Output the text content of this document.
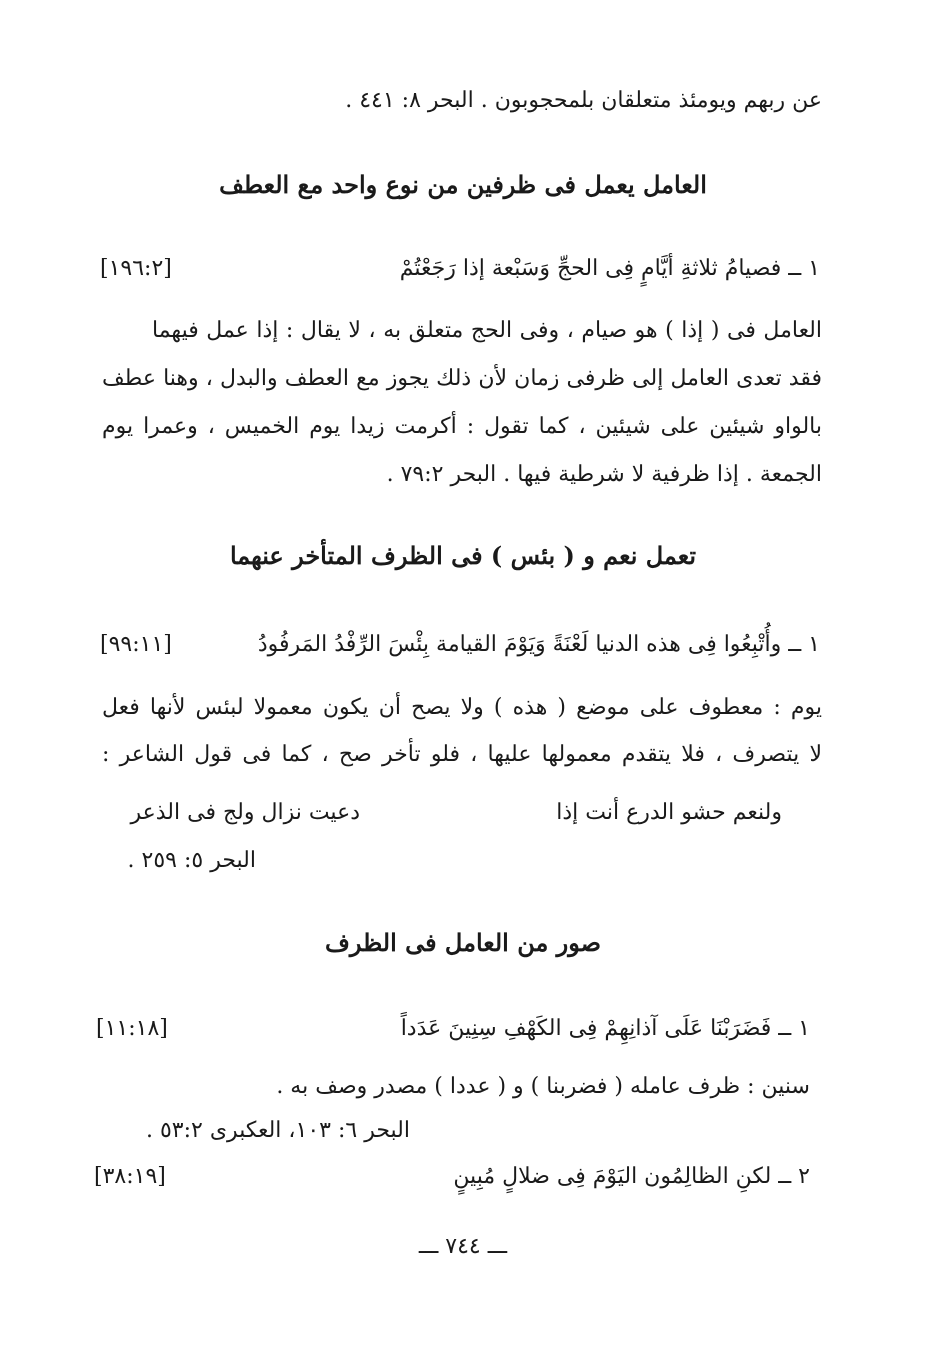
عن ربهم ويومئذ متعلقان بلمحجوبون . البحر ٨: ٤٤١ .
العامل يعمل فى ظرفين من نوع واحد مع العطف
١ ــ فصيامُ ثلاثةِ أيَّامٍ فِى الحجِّ وَسَبْعة إذا رَجَعْتُمْ
[١٩٦:٢]
العامل فى ( إذا ) هو صيام ، وفى الحج متعلق به ، لا يقال : إذا عمل فيهما
فقد تعدى العامل إلى ظرفى زمان لأن ذلك يجوز مع العطف والبدل ، وهنا عطف
بالواو شيئين على شيئين ، كما تقول : أكرمت زيدا يوم الخميس ، وعمرا يوم
الجمعة . إذا ظرفية لا شرطية فيها . البحر ٧٩:٢ .
تعمل نعم و ( بئس ) فى الظرف المتأخر عنهما
١ ــ وأُتْبِعُوا فِى هذه الدنيا لَعْنَةً وَيَوْمَ القيامة بِئْسَ الرِّفْدُ المَرفُودُ
[٩٩:١١]
يوم : معطوف على موضع ( هذه ) ولا يصح أن يكون معمولا لبئس لأنها فعل
لا يتصرف ، فلا يتقدم معمولها عليها ، فلو تأخر صح ، كما فى قول الشاعر :
ولنعم حشو الدرع أنت إذا
دعيت نزال ولج فى الذعر
البحر ٥: ٢٥٩ .
صور من العامل فى الظرف
١ ــ فَضَرَبْنَا عَلَى آذانِهِمْ فِى الكَهْفِ سِنِينَ عَدَداً
[١١:١٨]
سنين : ظرف عامله ( فضربنا ) و ( عددا ) مصدر وصف به .
البحر ٦: ١٠٣، العكبرى ٥٣:٢ .
٢ ــ لكنِ الظالِمُون اليَوْمَ فِى ضلالٍ مُبِينٍ
[٣٨:١٩]
ـــ ٧٤٤ ـــ
